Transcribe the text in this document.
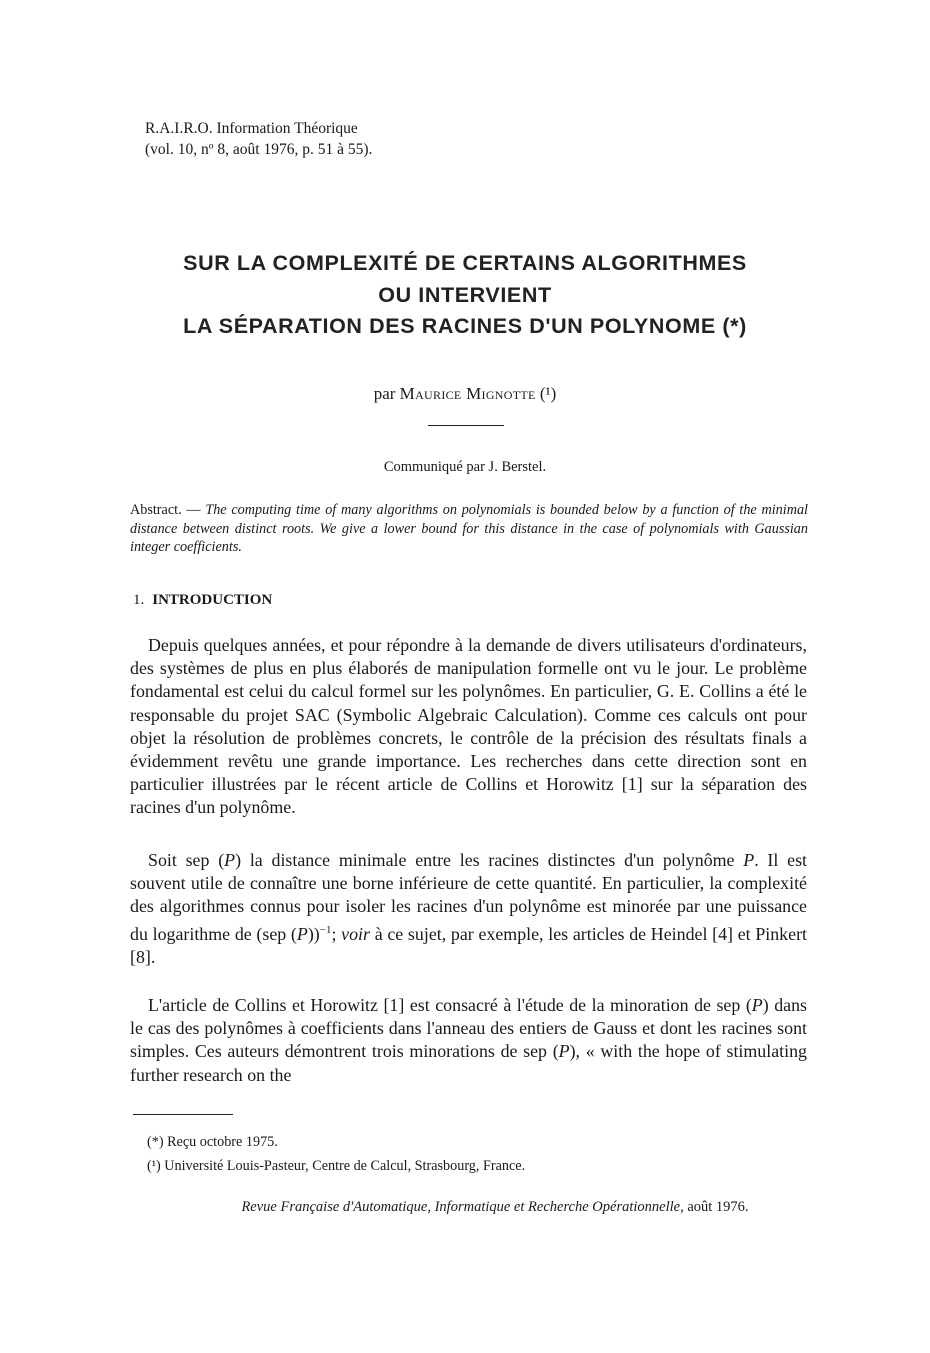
R.A.I.R.O. Information Théorique
(vol. 10, nº 8, août 1976, p. 51 à 55).
SUR LA COMPLEXITÉ DE CERTAINS ALGORITHMES
OU INTERVIENT
LA SÉPARATION DES RACINES D'UN POLYNOME (*)
par Maurice Mignotte (¹)
Communiqué par J. Berstel.
Abstract. — The computing time of many algorithms on polynomials is bounded below by a function of the minimal distance between distinct roots. We give a lower bound for this distance in the case of polynomials with Gaussian integer coefficients.
1. INTRODUCTION

Depuis quelques années, et pour répondre à la demande de divers utilisateurs d'ordinateurs, des systèmes de plus en plus élaborés de manipulation formelle ont vu le jour. Le problème fondamental est celui du calcul formel sur les polynômes. En particulier, G. E. Collins a été le responsable du projet SAC (Symbolic Algebraic Calculation). Comme ces calculs ont pour objet la résolution de problèmes concrets, le contrôle de la précision des résultats finals a évidemment revêtu une grande importance. Les recherches dans cette direction sont en particulier illustrées par le récent article de Collins et Horowitz [1] sur la séparation des racines d'un polynôme.

Soit sep (P) la distance minimale entre les racines distinctes d'un polynôme P. Il est souvent utile de connaître une borne inférieure de cette quantité. En particulier, la complexité des algorithmes connus pour isoler les racines d'un polynôme est minorée par une puissance du logarithme de (sep (P))$^{-1}$; voir à ce sujet, par exemple, les articles de Heindel [4] et Pinkert [8].

L'article de Collins et Horowitz [1] est consacré à l'étude de la minoration de sep (P) dans le cas des polynômes à coefficients dans l'anneau des entiers de Gauss et dont les racines sont simples. Ces auteurs démontrent trois minorations de sep (P), « with the hope of stimulating further research on the

(*) Reçu octobre 1975.
(¹) Université Louis-Pasteur, Centre de Calcul, Strasbourg, France.
Revue Française d'Automatique, Informatique et Recherche Opérationnelle, août 1976.
